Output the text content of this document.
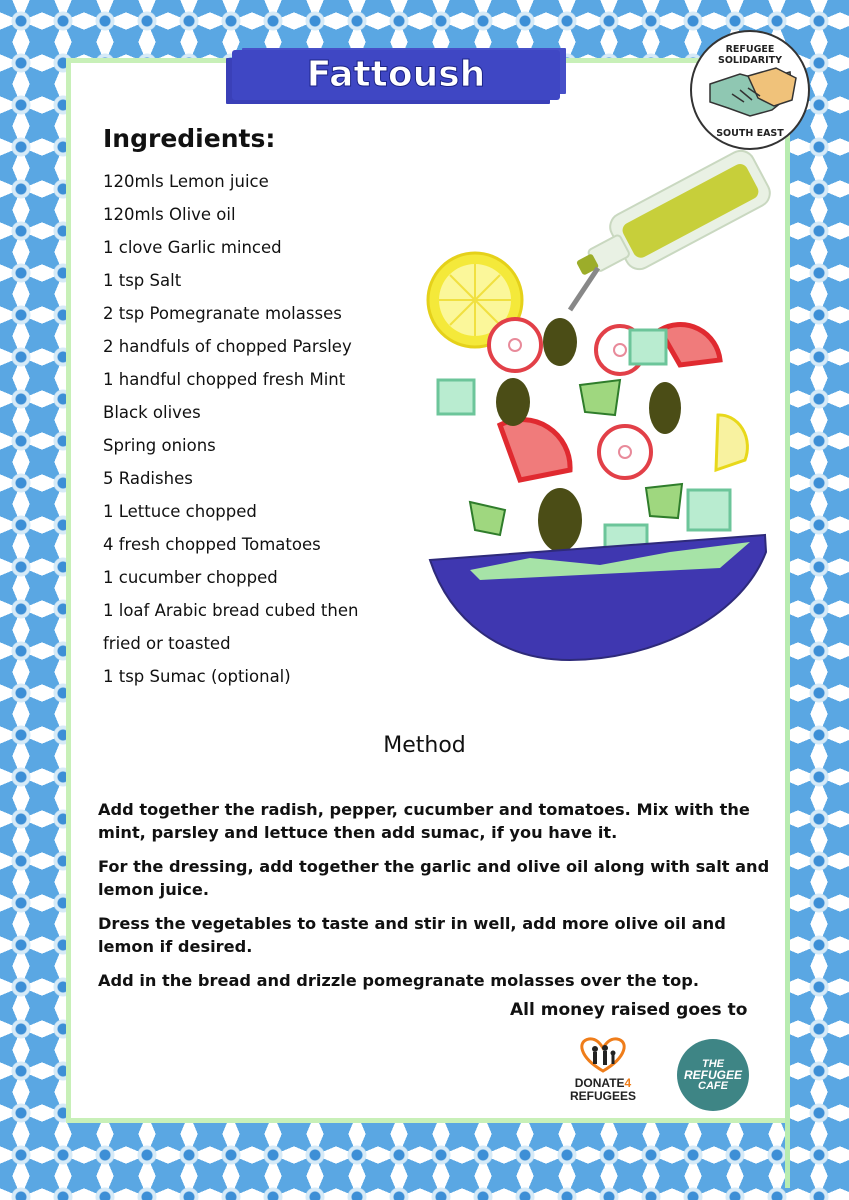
Fattoush
REFUGEE SOLIDARITY
SOUTH EAST
Ingredients:
120mls Lemon juice
120mls Olive oil
1 clove Garlic minced
1 tsp Salt
2 tsp Pomegranate molasses
2 handfuls of chopped Parsley
1 handful chopped fresh Mint
Black olives
Spring onions
5 Radishes
1 Lettuce chopped
4 fresh chopped Tomatoes
1 cucumber chopped
1 loaf Arabic bread cubed then
fried or toasted
1 tsp Sumac (optional)
Method

Add together the radish, pepper, cucumber and tomatoes. Mix with the mint, parsley and lettuce then add sumac, if you have it.

For the dressing, add together the garlic and olive oil along with salt and lemon juice.

Dress the vegetables to taste and stir in well, add more olive oil and lemon if desired.

Add in the bread and drizzle pomegranate molasses over the top.

All money raised goes to
DONATE4
REFUGEES
THE
REFUGEE
CAFE
